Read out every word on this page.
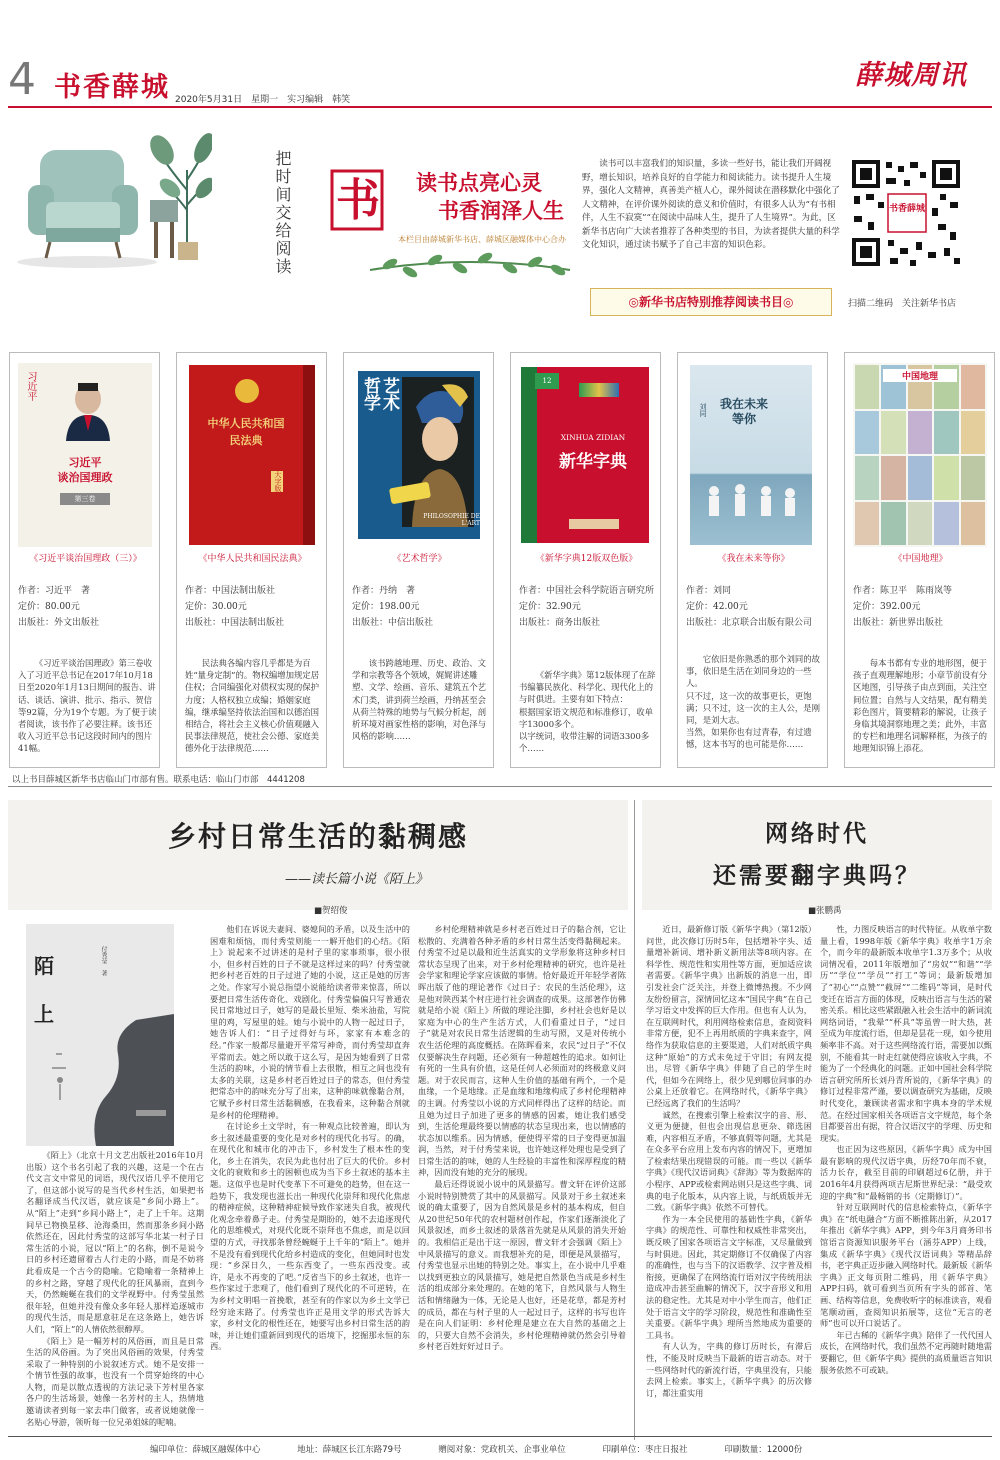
4 书香薛城 2020年5月31日　星期一　实习编辑　韩笑
薛城周讯
把时间交给阅读 书 读书点亮心灵
书香润泽人生
本栏目由薛城新华书店、薛城区融媒体中心合办
读书可以丰富我们的知识量，多读一些好书，能让我们开阔视野，增长知识，培养良好的自学能力和阅读能力。读书提升人生境界，强化人文精神，真善美产植人心，课外阅读在潜移默化中强化了人文精神，在评价课外阅读的意义和价值时，有很多人认为“有书相伴，人生不寂寞”“在阅读中品味人生，提升了人生境界”。为此，区新华书店向广大读者推荐了各种类型的书目，为读者提供大量的科学文化知识，通过读书赋予了自己丰富的知识色彩。
◎新华书店特别推荐阅读书目◎
书香薛城
扫描二维码　关注新华书店
习近平
习近平
谈治国理政
第三卷
《习近平谈治国理政（三）》
作者：习近平　著
定价：80.00元
出版社：外文出版社
《习近平谈治国理政》第三卷收入了习近平总书记在2017年10月18日至2020年1月13日期间的报告、讲话、谈话、演讲、批示、指示、贺信等92篇，分为19个专题。为了便于读者阅读，该书作了必要注释。该书还收入习近平总书记这段时间内的图片41幅。
中华人民共和国
民法典
大字版
《中华人民共和国民法典》
作者：中国法制出版社
定价：30.00元
出版社：中国法制出版社
民法典各编内容几乎都是为百姓“量身定制”的。物权编增加规定居住权；合同编强化对债权实现的保护力度；人格权独立成编；婚姻家庭编，继承编坚持依法治国和以德治国相结合，将社会主义核心价值观融入民事法律规范，使社会公德、家庭美德外化于法律规范……
艺术
哲学
PHILOSOPHIE DE L'ART
《艺术哲学》
作者：丹纳　著
定价：198.00元
出版社：中信出版社
该书跨越地理、历史、政治、文学和宗教等各个领域，娓娓讲述雕塑、文学、绘画、音乐、建筑五个艺术门类，讲到荷兰绘画，丹纳甚至会从荷兰特殊的地势与气候分析起，剖析环境对画家性格的影响，对色泽与风格的影响……
12
XINHUA ZIDIAN
新华字典
《新华字典12版双色版》
作者：中国社会科学院语言研究所
定价：32.90元
出版社：商务出版社
《新华字典》第12版体现了在辞书编纂民族化、科学化、现代化上的与时俱进。主要有如下特点：
根据国家语文规范和标准修订，收单字13000多个。
以字统词，收带注解的词语3300多个……
我在未来
等你
刘同
《我在未来等你》
作者：刘同
定价：42.00元
出版社：北京联合出版有限公司
它依旧是你熟悉的那个刘同的故事，依旧是生活在刘同身边的一些人。
只不过，这一次的故事更长，更饱满；只不过，这一次的主人公，是刚同，是刘大志。
当然，如果你也有过青春，有过遗憾，这本书写的也可能是你……
中国地理
《中国地理》
作者：陈卫平　陈雨岚等
定价：392.00元
出版社：新世界出版社
每本书都有专业的地形图，便于孩子直观理解地形；小章节前设有分区地图，引导孩子由点到面，关注空间位置；自然与人文结果，配有精美彩色图片，简要精彩的解说，让孩子身临其境洞察地理之美；此外，丰富的专栏和地理名词解释框，为孩子的地理知识锦上添花。
以上书目薛城区新华书店临山门市部有售。联系电话：临山门市部　4441208
乡村日常生活的黏稠感
——读长篇小说《陌上》
■贺绍俊
陌
上
付秀莹　著

《陌上》（北京十月文艺出版社2016年10月出版）这个书名引起了我的兴趣，这是一个在古代文言文中常见的词语，现代汉语几乎不使用它了，但这部小说写的是当代乡村生活，如果把书名翻译成当代汉语，就应该是“乡间小路上”。从“陌上”走到“乡间小路上”，走了上千年。这期间早已物换星移、沧海桑田，然而那条乡间小路依然还在，因此付秀莹的这部写华北某一村子日常生活的小说，冠以“陌上”的名称，倒不是说今日的乡村还遗留着古人行走的小路，而是不妨将此看成是一个古今的隐喻。它隐喻着一条精神上的乡村之路，穿越了现代化的狂风暴雨，直到今天，仍然蜿蜒在我们的文学视野中。付秀莹虽然很年轻，但她并没有像众多年轻人那样追逐城市的现代生活，而是愿意驻足在这条路上，她告诉人们，“陌上”的人情依然很醇厚。

《陌上》是一幅芳村的风俗画，而且是日常生活的风俗画。为了突出风俗画的效果，付秀莹采取了一种特别的小说叙述方式。她不是安排一个情节性强的故事，也没有一个贯穿始终的中心人物，而是以散点透视的方法记录下芳村里各家各户的生活场景，她像一名芳村的主人，热情地邀请读者到每一家去串门做客，或者说她就像一名贴心导游，领听每一位兄弟姐妹的呢喃。

他们在诉说夫妻间、婆媳间的矛盾，以及生活中的困难和烦恼，而付秀莹则能一一解开他们的心结。《陌上》说起来不过讲述的是村子里的家事琐事，很小很小，但乡村百姓的日子不就是这样过来的吗？付秀莹就把乡村老百姓的日子过进了她的小说，这正是她的厉害之处。作家写小说总指望小说能给读者带来惊喜，所以要把日常生活传奇化、戏剧化。付秀莹偏偏只写普通农民日常地过日子，她写的是最长里短、柴米油盐，写院里的鸡，写屋里的娃。她与小说中的人物一起过日子，她告诉人们：“日子过得好与坏，家家有本难念的经。”作家一般都尽量避开平常写神奇，而付秀莹却直奔平常而去。她之所以敢于这么写，是因为她看到了日常生活的韵味，小说的情节看上去很散，相互之间也没有太多的关联，这是乡村老百姓过日子的常态，但付秀莹把常态中的韵味充分写了出来，这种韵味就像黏合剂，它赋予乡村日常生活黏稠感，在我看来，这种黏合剂就是乡村的伦理精神。

在讨论乡土文学时，有一种观点比较普遍，即认为乡土叙述最重要的变化是对乡村的现代化书写。的确，在现代化和城市化的冲击下，乡村发生了根本性的变化，乡土在消失，农民为此也付出了巨大的代价。乡村文化的衰败和乡土的困顿也成为当下乡土叙述的基本主题。这似乎也是时代变革下不可避免的趋势，但在这一趋势下，我发现也滋长出一种现代化崇拜和现代化焦虑的精神症候，这种精神症候导致作家迷失自我，被现代化观念牵着鼻子走。付秀莹是期盼的，她不去追逐现代化的思维模式，对现代化既不崇拜也不焦虑，而是以回望的方式，寻找那条曾经蜿蜒于上千年的“陌上”。她并不是没有看到现代化给乡村造成的变化，但她同时也发现：“乡深日久，一些东西变了，一些东西没变。或许，是永不再变的了吧。”反省当下的乡土叙述，也许一些作家过于悲观了，他们看到了现代化的不可逆转，在为乡村文明唱一首挽歌，甚至有的作家以为乡土文学已经穷途末路了。付秀莹也许正是用文学的形式告诉大家，乡村文化的根性还在，她要写出乡村日常生活的韵味，并让她们重新回到现代的语境下，挖掘那永恒的东西。

乡村伦理精神就是乡村老百姓过日子的黏合剂，它让松散的、充满着各种矛盾的乡村日常生活变得黏稠起来。付秀莹不过是以最和近生活真实的文学形象将这种乡村日常状态呈现了出来，对于乡村伦理精神的研究，也许是社会学家和理论学家应该做的事情。恰好最近开年轻学者陈晖出版了他的理论著作《过日子：农民的生活伦理》，这是他对陕西某个村庄进行社会调查的成果。这部著作仿佛就是给小说《陌上》所做的理论注脚，乡村社会也好是以家庭为中心的生产生活方式，人们看重过日子，“过日子”就是对农民日常生活逻辑的生动写照，又是对传统小农生活伦理的高度概括。在陈晖看来，农民“过日子”不仅仅要解决生存问题，还必须有一种超越性的追求。如何让有死的一生具有价值，这是任何人必须面对的终极意义问题。对于农民而言，这种人生价值的基础有两个，一个是血缘，一个是地缘。正是血缘和地缘构成了乡村伦理精神的主调。付秀莹以小说的方式同样得出了这样的结论。而且她为过日子加进了更多的情感的因素，她让我们感受到，生活伦理最终要以情感的状态呈现出来，也以情感的状态加以维系。因为情感，便使得平常的日子变得更加温润，当然，对于付秀莹来说，也许她这样处理也是受到了日常生活的韵味，她的人生经验的丰富性和深厚程度的精神，因而没有她的充分的展现。

最后还得说说小说中的风景描写。曹文轩在评价这部小说时特别赞赏了其中的风景描写。风景对于乡土叙述来说的确太重要了，因为自然风景是乡村的基本构成，但自从20世纪50年代的农村题材创作起，作家们逐渐淡化了风景叙述，而乡土叙述的景落首先就是从风景的消失开始的。我相信正是出于这一原因，曹文轩才会强调《陌上》中风景描写的意义。而我想补充的是，即便是风景描写，付秀莹也显示出她的特别之处。事实上，在小说中几乎难以找到更独立的风景描写，她是把自然景色当成是乡村生活的组成部分来处理的。在她的笔下，自然风景与人物生活和情绪融为一体，无论是人也好，还是花草，都是芳村的成员，都在与村子里的人一起过日子，这样的书写也许是在向人们证明：乡村伦理是建立在大自然的基础之上的，只要大自然不会消失，乡村伦理精神就仍然会引导着乡村老百姓好好过日子。

网络时代
还需要翻字典吗？
■张鹏禹

近日，最新修订版《新华字典》（第12版）问世，此次修订历时5年，包括增补字头、适量增补新词、增补新义新用法等8项内容。在科学性、规范性和实用性等方面，更加适应读者需要。《新华字典》出新版的消息一出，即引发社会广泛关注，并登上微博热搜。不少网友纷纷留言，深情回忆这本“国民字典”在自己学习语文中发挥的巨大作用。但也有人认为，在互联网时代，利用网络检索信息，查阅资料非常方便，犯不上再用纸质的字典来查字，网络作为获取信息的主要渠道，人们对纸质字典这种“原始”的方式未免过于守旧；有网友提出，尽管《新华字典》伴随了自己的学生时代，但如今在网络上，很少见到哪位同事的办公桌上还放着它。在网络时代，《新华字典》已经远离了我们的生活吗？

诚然，在搜索引擎上检索汉字的音、形、义更为便捷，但也会出现信息更杂、筛选困难，内容相互矛盾，不够真假等问题，尤其是在众多平台应用上发布内容的情况下，更增加了检索结果出现错误的可能。而一些以《新华字典》《现代汉语词典》《辞海》等为数据库的小程序、APP或检索网站则只是这些字典、词典的电子化版本，从内容上说，与纸质版并无二致。《新华字典》依然不可替代。

作为一本全民使用的基础性字典，《新华字典》的规范性、可靠性和权威性非常突出，既反映了国家各项语言文字标准，又尽量做到与时俱进。因此，其定期修订不仅确保了内容的准确性，也与当下的汉语教学、汉字普及相衔接，更确保了在网络流行语对汉字传统用法造成冲击甚至曲解的情况下，汉字音形义和用法的稳定性。尤其是对中小学生而言，他们正处于语言文字的学习阶段，规范性和准确性至关重要。《新华字典》理所当然地成为重要的工具书。

有人认为，字典的修订历时长，有滞后性，不能及时反映当下最新的语言动态。对于一些网络时代的新流行语，字典里没有，只能去网上检索。事实上，《新华字典》的历次修订，都注重实用

性，力图反映语言的时代特征。从收单字数量上看，1998年版《新华字典》收单字1万余个，而今年的最新版本收单字1.3万多个；从收词情况看，2011年版增加了“房奴”“和谐”“学历”“学位”“学员”“打工”等词；最新版增加了“初心”“点赞”“截屏”“二维码”等词，是时代变迁在语言方面的体现，反映出语言与生活的紧密关系。相比这些紧跟融入社会生活中的新词流网络词语，“我晕”“杯具”等虽曾一时大热，甚至成为年度流行语，但却是昙花一现，如今使用频率非不高。对于这些网络流行语，需要加以甄别，不能看其一时走红就使得应该收入字典，不能为了一个经典化的问题。正如中国社会科学院语言研究所所长刘丹青所说的，《新华字典》的修订过程非常严谨，要以调查研究为基础，反映时代变化，兼顾读者需求和字典本身的学术规范。在经过国家相关各项语言文字规范，每个条目都要首出有据，符合汉语汉字的学理、历史和现实。

也正因为这些原因，《新华字典》成为中国最有影响的现代汉语字典，历经70年而不衰，活力长存，截至目前的印刷超过6亿册，并于2016年4月获得两项吉尼斯世界纪录：“最受欢迎的字典”和“最畅销的书（定期修订）”。

针对互联网时代的信息检索特点，《新华字典》在“纸电融合”方面不断推陈出新，从2017年推出《新华字典》APP，到今年3月商务印书馆语言资源知识服务平台（涵芬APP）上线，集成《新华字典》《现代汉语词典》等精品辞书，老字典正迈步融入网络时代。最新版《新华字典》正文每页附二维码，用《新华字典》APP扫码，就可看到当页所有字头的部首、笔画、结构等信息，免费收听字的标准读音，观看笔顺动画，查阅知识拓展等，这位“无言的老师”也可以开口说话了。

年已古稀的《新华字典》陪伴了一代代国人成长，在网络时代，我们虽然不定再随时随地需要翻它，但《新华字典》提供的高质量语言知识服务依然不可或缺。

编印单位：薛城区融媒体中心	地址：薛城区长江东路79号	赠阅对象：党政机关、企事业单位	印刷单位：枣庄日报社	印刷数量：12000份
